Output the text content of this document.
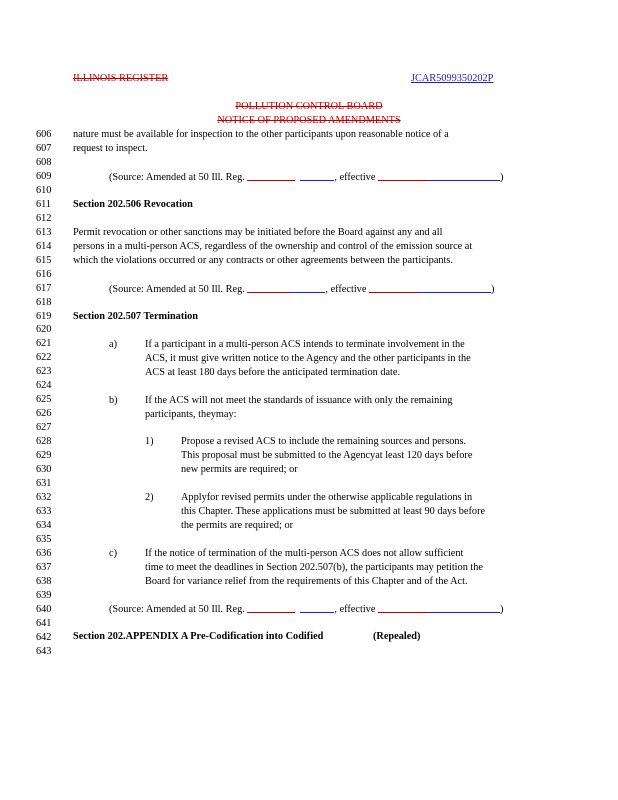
ILLINOIS REGISTER	JCAR5099350202P
POLLUTION CONTROL BOARD
NOTICE OF PROPOSED AMENDMENTS
606
607
608
609
610
611
612
613
614
615
616
617
618
619
620
621
622
623
624
625
626
627
628
629
630
631
632
633
634
635
636
637
638
639
640
641
642
643
nature must be available for inspection to the other participants upon reasonable notice of a
request to inspect.
(Source: Amended at 50 Ill. Reg.	, effective	)
Section 202.506 Revocation
Permit revocation or other sanctions may be initiated before the Board against any and all
persons in a multi-person ACS, regardless of the ownership and control of the emission source at
which the violations occurred or any contracts or other agreements between the participants.
(Source: Amended at 50 Ill. Reg.	, effective	)
Section 202.507 Termination
a)	If a participant in a multi-person ACS intends to terminate involvement in the
ACS, it must give written notice to the Agency and the other participants in the
ACS at least 180 days before the anticipated termination date.
b)	If the ACS will not meet the standards of issuance with only the remaining
participants, theymay:
1)	Propose a revised ACS to include the remaining sources and persons.
This proposal must be submitted to the Agencyat least 120 days before
new permits are required; or
2)	Applyfor revised permits under the otherwise applicable regulations in
this Chapter. These applications must be submitted at least 90 days before
the permits are required; or
c)	If the notice of termination of the multi-person ACS does not allow sufficient
time to meet the deadlines in Section 202.507(b), the participants may petition the
Board for variance relief from the requirements of this Chapter and of the Act.
(Source: Amended at 50 Ill. Reg.	, effective	)
Section 202.APPENDIX A Pre-Codification into Codified	(Repealed)
